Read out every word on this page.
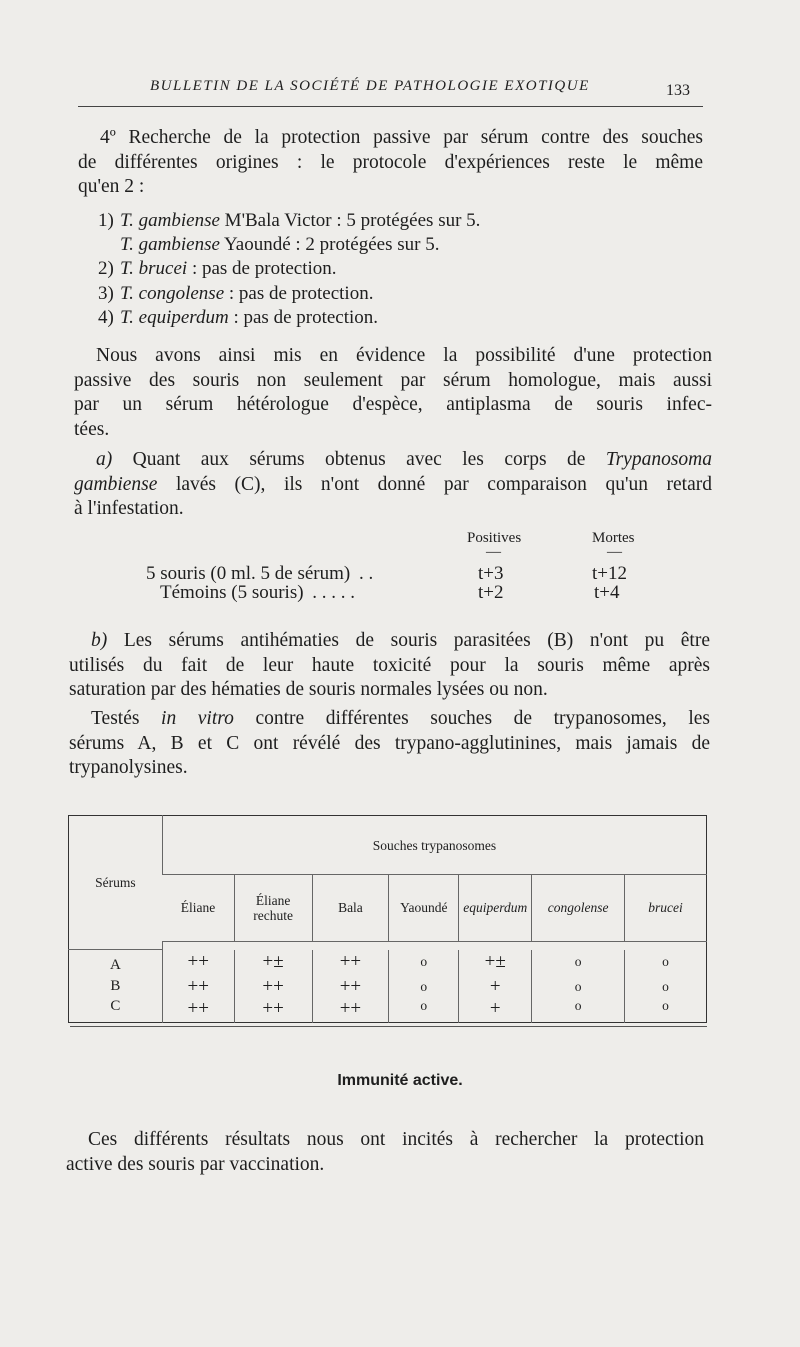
BULLETIN DE LA SOCIÉTÉ DE PATHOLOGIE EXOTIQUE	133
4º Recherche de la protection passive par sérum contre des souches
de différentes origines : le protocole d'expériences reste le même
qu'en 2 :
1) T. gambiense M'Bala Victor : 5 protégées sur 5.
T. gambiense Yaoundé : 2 protégées sur 5.
2) T. brucei : pas de protection.
3) T. congolense : pas de protection.
4) T. equiperdum : pas de protection.
Nous avons ainsi mis en évidence la possibilité d'une protection
passive des souris non seulement par sérum homologue, mais aussi
par un sérum hétérologue d'espèce, antiplasma de souris infec-
tées.
a) Quant aux sérums obtenus avec les corps de Trypanosoma
gambiense lavés (C), ils n'ont donné par comparaison qu'un retard
à l'infestation.
Positives	Mortes
—	—
5 souris (0 ml. 5 de sérum) . .	t+3	t+12
Témoins (5 souris) . . . . .	t+2	t+4
b) Les sérums antihématies de souris parasitées (B) n'ont pu être
utilisés du fait de leur haute toxicité pour la souris même après
saturation par des hématies de souris normales lysées ou non.
Testés in vitro contre différentes souches de trypanosomes, les
sérums A, B et C ont révélé des trypano-agglutinines, mais jamais de
trypanolysines.
Sérums	Souches trypanosomes						
	Éliane	Éliane rechute	Bala	Yaoundé	equiperdum	congolense	brucei

A	++	+±	++	o	+±	o	o
B	++	++	++	o	+	o	o
C	++	++	++	o	+	o	o
Immunité active.
Ces différents résultats nous ont incités à rechercher la protection
active des souris par vaccination.
